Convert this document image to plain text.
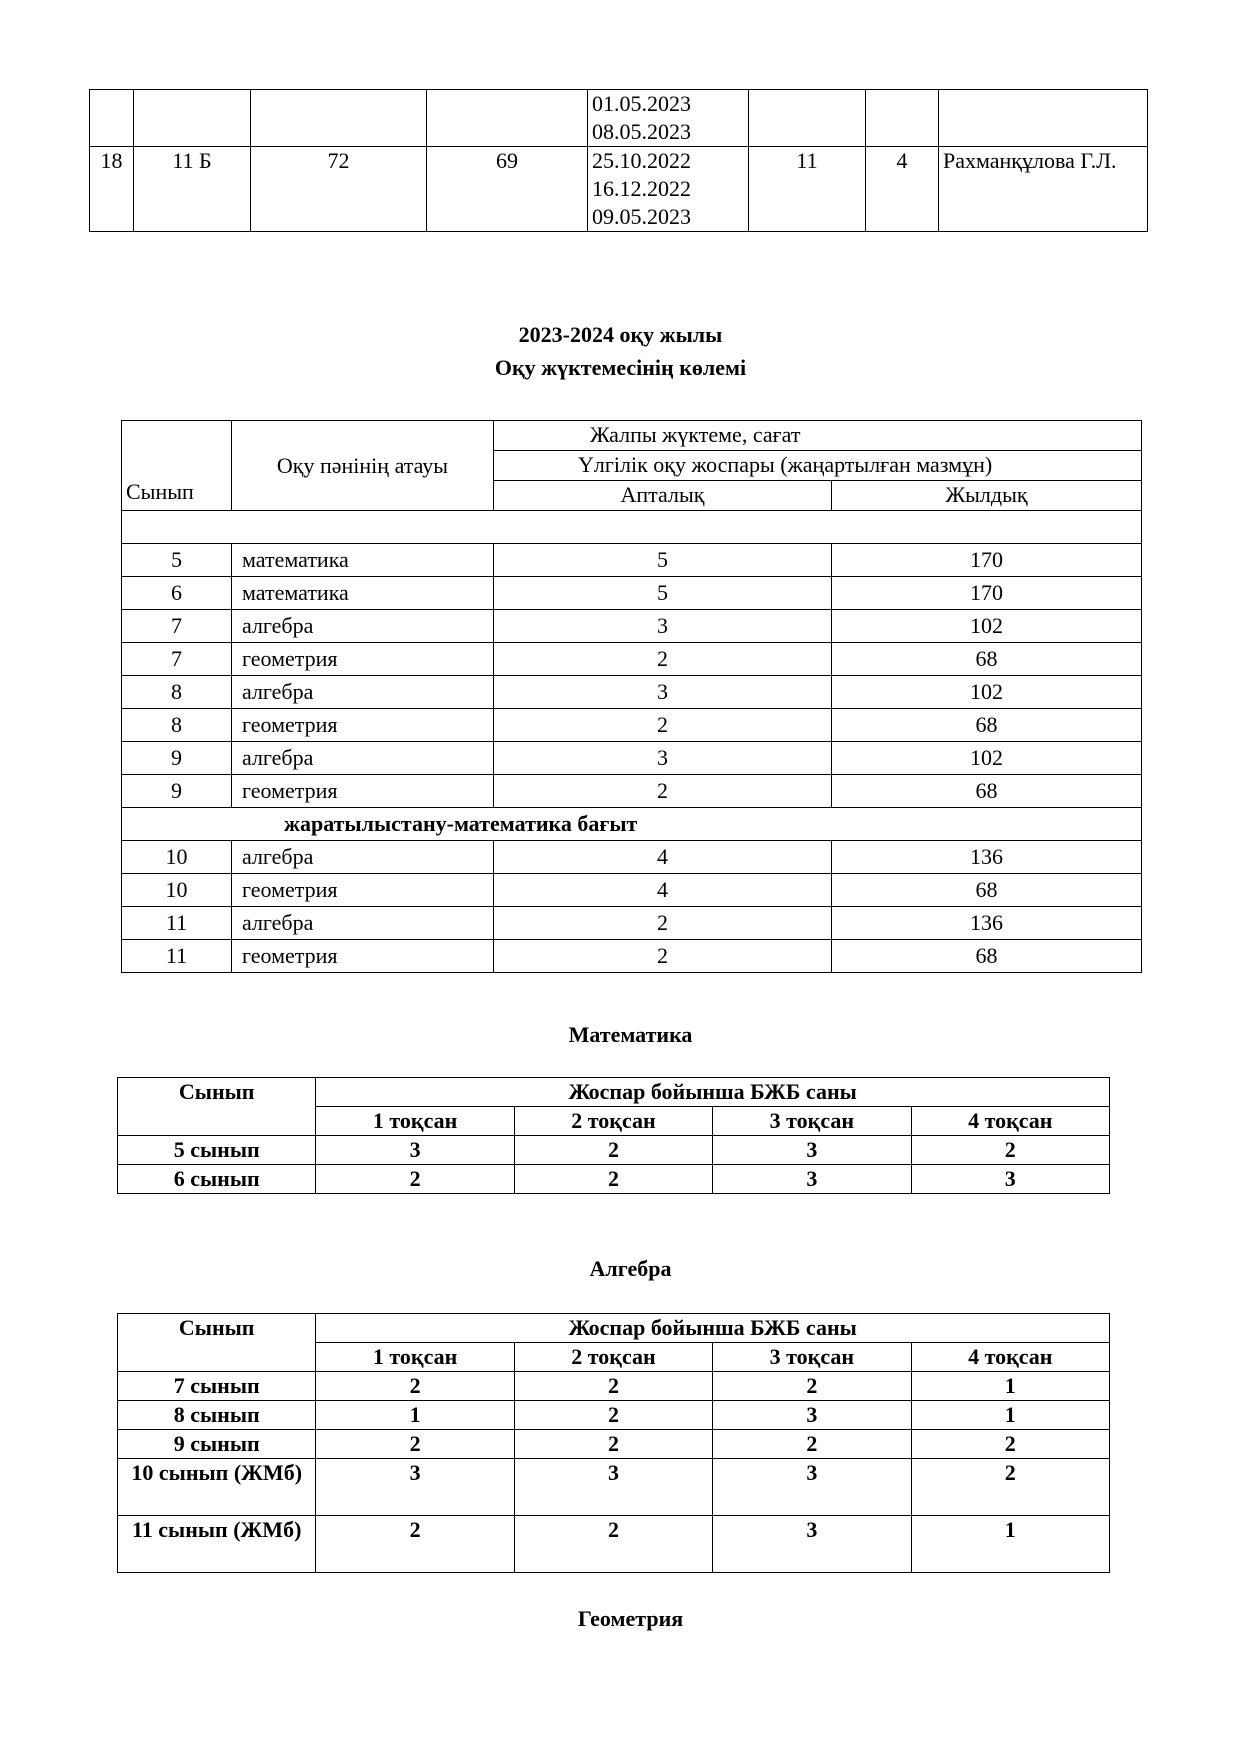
				01.05.2023
08.05.2023			

18	11 Б	72	69	25.10.2022
16.12.2022
09.05.2023	11	4	Рахманқұлова Г.Л.
2023-2024 оқу жылы
Оқу жүктемесінің көлемі
Сынып	Оқу пәнінің атауы	Жалпы жүктеме, сағат	
		Үлгілік оқу жоспары (жаңартылған мазмұн)	
		Апталық	Жылдық

5	математика	5	170
6	математика	5	170
7	алгебра	3	102
7	геометрия	2	68
8	алгебра	3	102
8	геометрия	2	68
9	алгебра	3	102
9	геометрия	2	68
жаратылыстану-математика бағыт			
10	алгебра	4	136
10	геометрия	4	68
11	алгебра	2	136
11	геометрия	2	68
Математика
Сынып	Жоспар бойынша БЖБ саны			
	1 тоқсан	2 тоқсан	3 тоқсан	4 тоқсан
5 сынып	3	2	3	2
6 сынып	2	2	3	3
Алгебра
Сынып	Жоспар бойынша БЖБ саны			
	1 тоқсан	2 тоқсан	3 тоқсан	4 тоқсан
7 сынып	2	2	2	1
8 сынып	1	2	3	1
9 сынып	2	2	2	2
10 сынып (ЖМб)	3	3	3	2
11 сынып (ЖМб)	2	2	3	1
Геометрия
